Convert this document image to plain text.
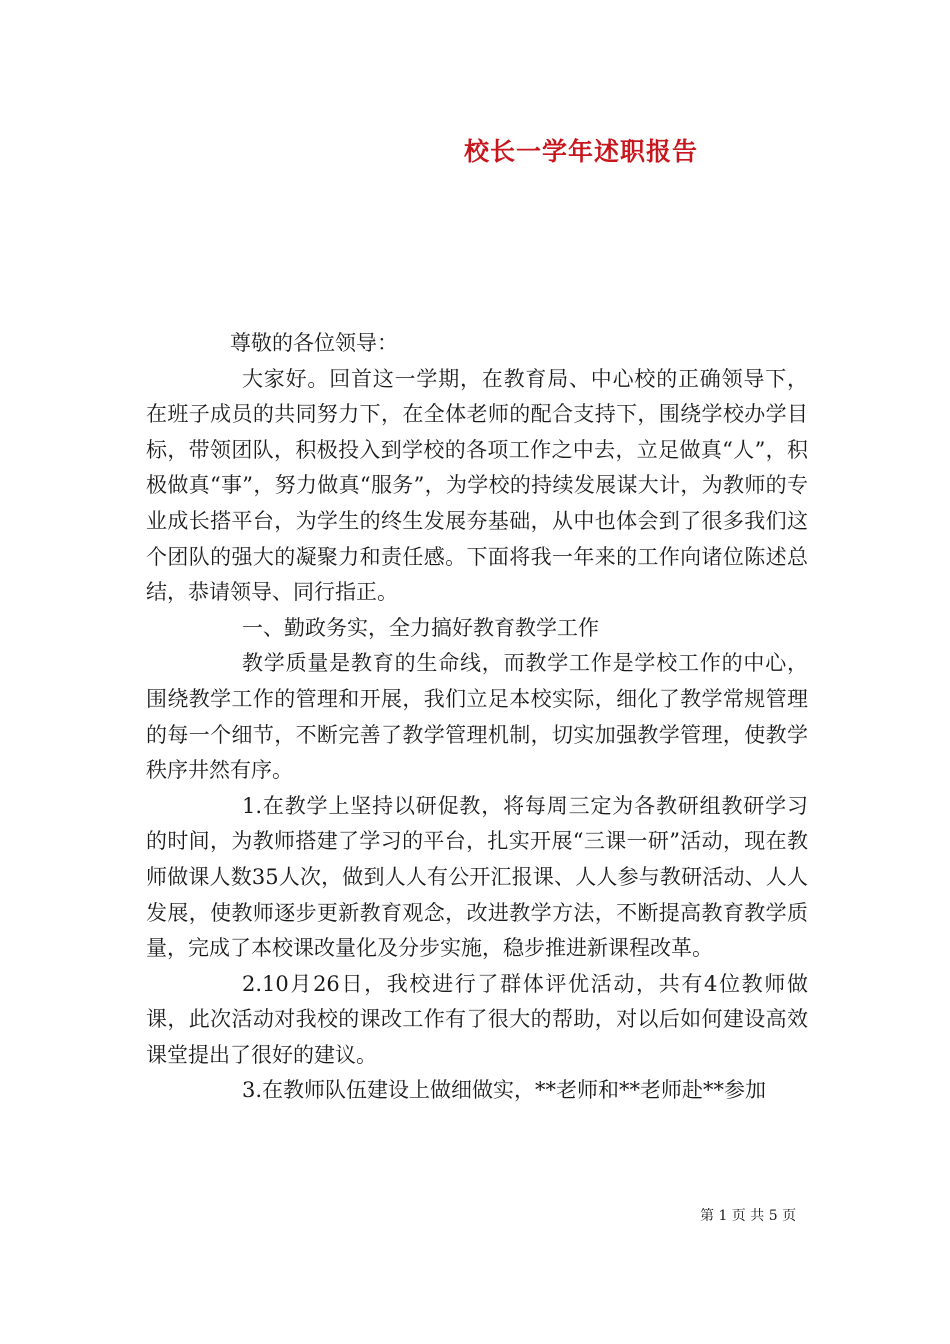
校长一学年述职报告

尊敬的各位领导：

大家好。回首这一学期，在教育局、中心校的正确领导下，在班子成员的共同努力下，在全体老师的配合支持下，围绕学校办学目标，带领团队，积极投入到学校的各项工作之中去，立足做真“人”，积极做真“事”，努力做真“服务”，为学校的持续发展谋大计，为教师的专业成长搭平台，为学生的终生发展夯基础，从中也体会到了很多我们这个团队的强大的凝聚力和责任感。下面将我一年来的工作向诸位陈述总结，恭请领导、同行指正。

一、勤政务实，全力搞好教育教学工作

教学质量是教育的生命线，而教学工作是学校工作的中心，围绕教学工作的管理和开展，我们立足本校实际，细化了教学常规管理的每一个细节，不断完善了教学管理机制，切实加强教学管理，使教学秩序井然有序。

1.在教学上坚持以研促教，将每周三定为各教研组教研学习的时间，为教师搭建了学习的平台，扎实开展“三课一研”活动，现在教师做课人数35人次，做到人人有公开汇报课、人人参与教研活动、人人发展，使教师逐步更新教育观念，改进教学方法，不断提高教育教学质量，完成了本校课改量化及分步实施，稳步推进新课程改革。

2.10月26日，我校进行了群体评优活动，共有4位教师做课，此次活动对我校的课改工作有了很大的帮助，对以后如何建设高效课堂提出了很好的建议。

3.在教师队伍建设上做细做实，**老师和**老师赴**参加

第 1 页 共 5 页
